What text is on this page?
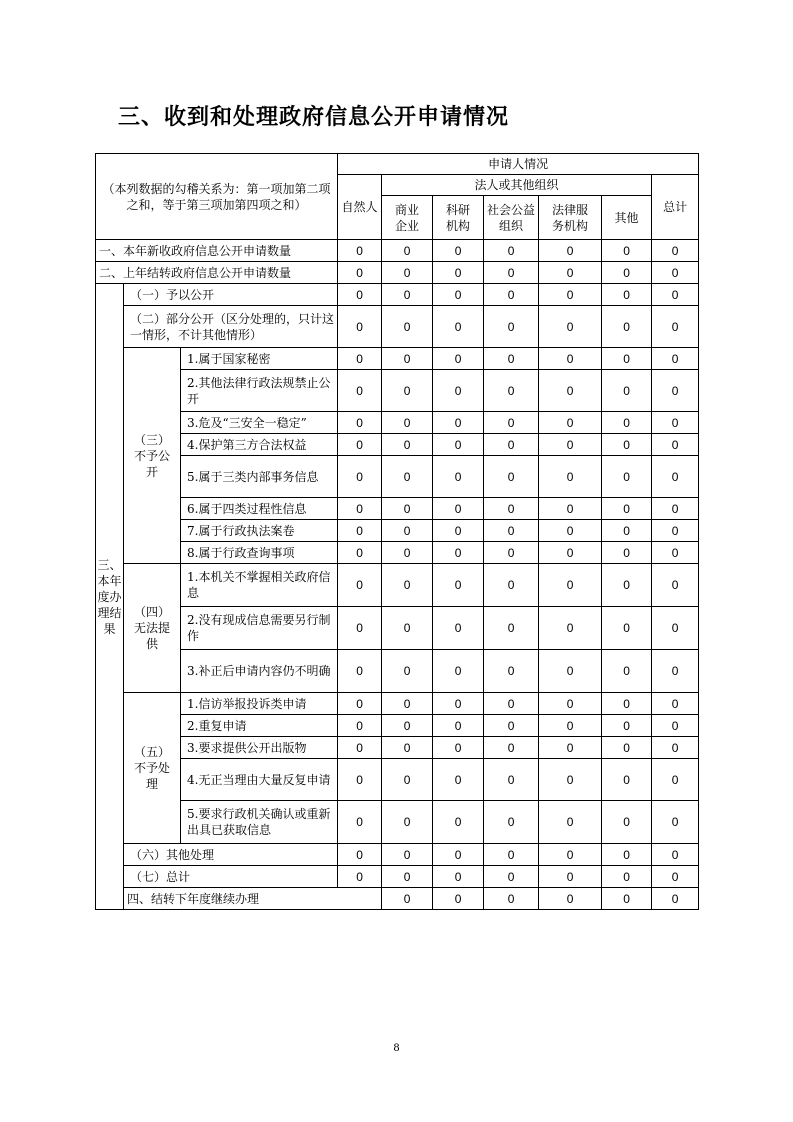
三、收到和处理政府信息公开申请情况
（本列数据的勾稽关系为：第一项加第二项之和，等于第三项加第四项之和）			申请人情况							
			自然人	法人或其他组织					总计	
				商业企业	科研机构	社会公益组织	法律服务机构	其他		
一、本年新收政府信息公开申请数量			0	0	0	0	0	0	0	
二、上年结转政府信息公开申请数量			0	0	0	0	0	0	0	
三、本年度办理结果	（一）予以公开		0	0	0	0	0	0	0	
	（二）部分公开（区分处理的，只计这一情形，不计其他情形）		0	0	0	0	0	0	0	
	（三）不予公开	1.属于国家秘密	0	0	0	0	0	0	0	
		2.其他法律行政法规禁止公开	0	0	0	0	0	0	0	
		3.危及“三安全一稳定”	0	0	0	0	0	0	0	
		4.保护第三方合法权益	0	0	0	0	0	0	0	
		5.属于三类内部事务信息	0	0	0	0	0	0	0	
		6.属于四类过程性信息	0	0	0	0	0	0	0	
		7.属于行政执法案卷	0	0	0	0	0	0	0	
		8.属于行政查询事项	0	0	0	0	0	0	0	
	（四）无法提供	1.本机关不掌握相关政府信息	0	0	0	0	0	0	0	
		2.没有现成信息需要另行制作	0	0	0	0	0	0	0	
		3.补正后申请内容仍不明确	0	0	0	0	0	0	0	
	（五）不予处理	1.信访举报投诉类申请	0	0	0	0	0	0	0	
		2.重复申请	0	0	0	0	0	0	0	
		3.要求提供公开出版物	0	0	0	0	0	0	0	
		4.无正当理由大量反复申请	0	0	0	0	0	0	0	
		5.要求行政机关确认或重新出具已获取信息	0	0	0	0	0	0	0	
	（六）其他处理		0	0	0	0	0	0	0	
	（七）总计		0	0	0	0	0	0	0	
	四、结转下年度继续办理			0	0	0	0	0	0	
8
